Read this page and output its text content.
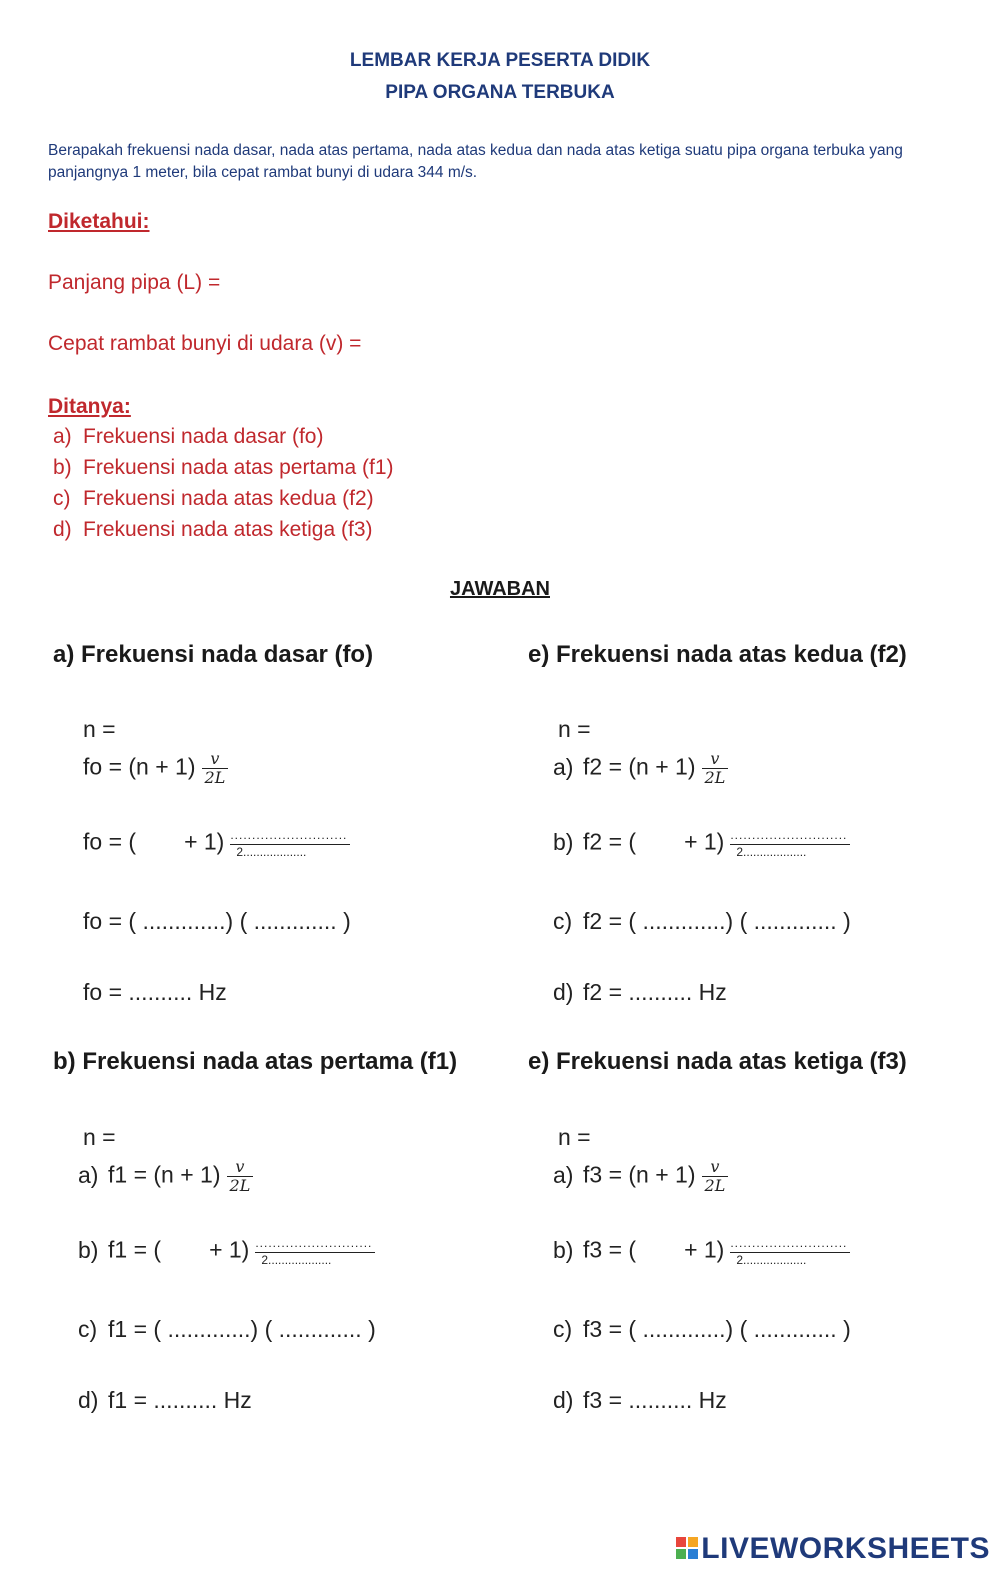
LEMBAR KERJA PESERTA DIDIK
PIPA ORGANA TERBUKA
Berapakah frekuensi nada dasar, nada atas pertama, nada atas kedua dan nada atas ketiga suatu pipa organa terbuka yang panjangnya 1 meter, bila cepat rambat bunyi di udara 344 m/s.
Diketahui:
Panjang pipa (L) =
Cepat rambat bunyi di udara (v) =
Ditanya:
a) Frekuensi nada dasar (fo)
b) Frekuensi nada atas pertama (f1)
c) Frekuensi nada atas kedua (f2)
d) Frekuensi nada atas ketiga (f3)
JAWABAN
a) Frekuensi nada dasar (fo)
n =
fo = $(n + 1) \frac{v}{2L}$
fo = ( + 1) ...........................
2...................
fo = ( .............) ( ............. )
fo = .......... Hz
e) Frekuensi nada atas kedua (f2)
n =
a) $f2 = (n + 1) \frac{v}{2L}$
b) f2 = ( + 1) ...........................
2...................
c) f2 = ( .............) ( ............. )
d) f2 = .......... Hz
b) Frekuensi nada atas pertama (f1)
n =
a) $f1 = (n + 1) \frac{v}{2L}$
b) f1 = ( + 1) ...........................
2...................
c) f1 = ( .............) ( ............. )
d) f1 = .......... Hz
e) Frekuensi nada atas ketiga (f3)
n =
a) $f3 = (n + 1) \frac{v}{2L}$
b) f3 = ( + 1) ...........................
2...................
c) f3 = ( .............) ( ............. )
d) f3 = .......... Hz
LIVEWORKSHEETS
